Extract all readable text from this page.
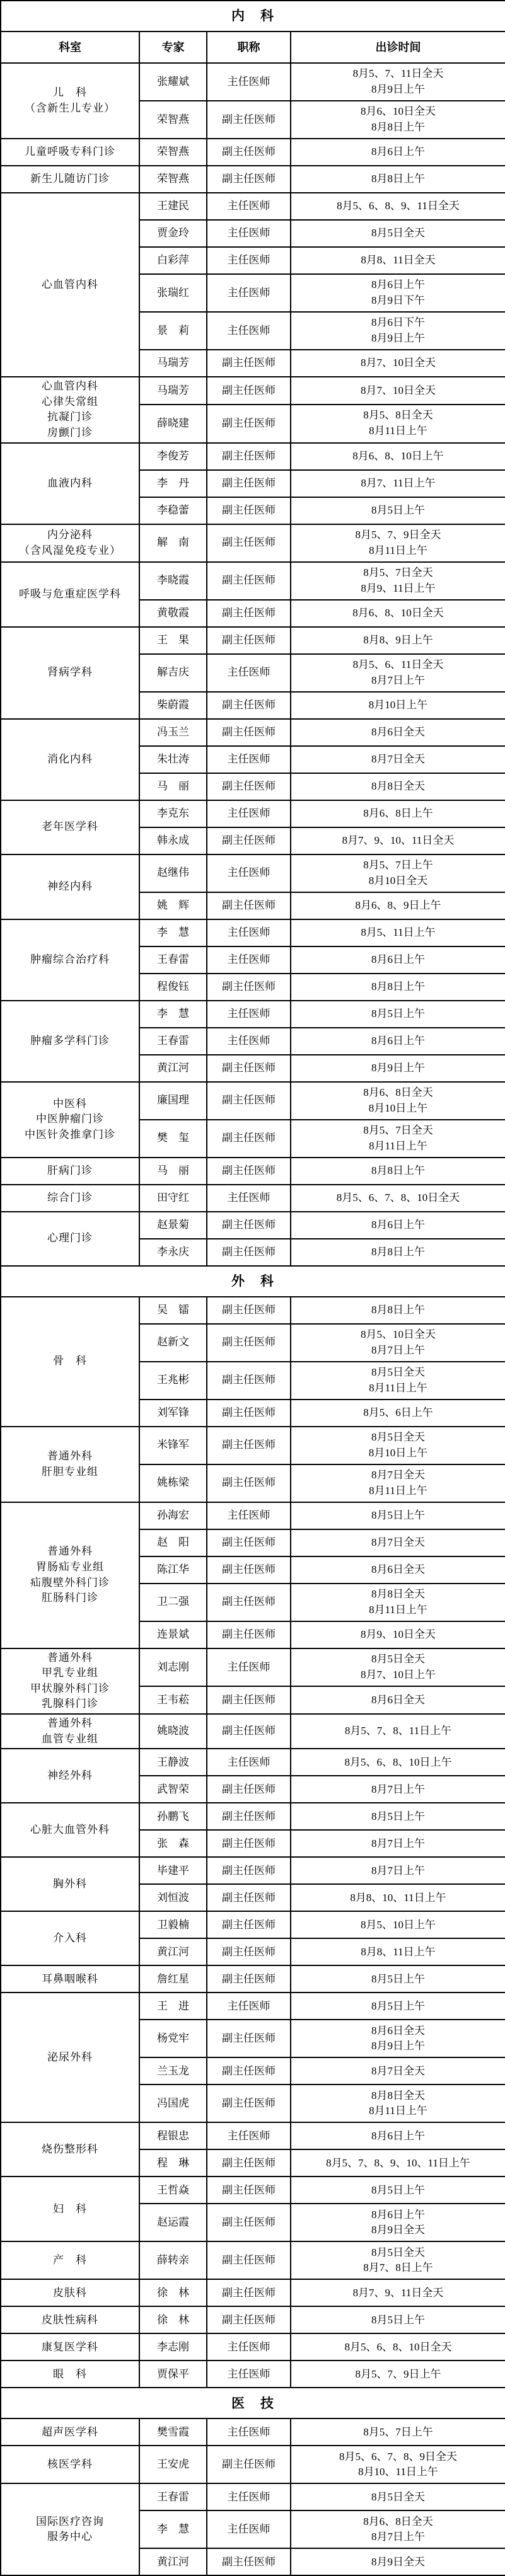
内　科			
科室	专家	职称	出诊时间
儿　科
（含新生儿专业）	张耀斌	主任医师	8月5、7、11日全天
8月9日上午
	荣智燕	副主任医师	8月6、10日全天
8月8日上午
儿童呼吸专科门诊	荣智燕	副主任医师	8月6日上午
新生儿随访门诊	荣智燕	副主任医师	8月8日上午
心血管内科	王建民	主任医师	8月5、6、8、9、11日全天
	贾金玲	主任医师	8月5日全天
	白彩萍	主任医师	8月8、11日全天
	张瑞红	主任医师	8月6日上午
8月9日下午
	景　莉	主任医师	8月6日下午
8月9日上午
	马瑞芳	副主任医师	8月7、10日全天
心血管内科
心律失常组
抗凝门诊
房颤门诊	马瑞芳	副主任医师	8月7、10日全天
	薛晓建	副主任医师	8月5、8日全天
8月11日上午
血液内科	李俊芳	副主任医师	8月6、8、10日上午
	李　丹	副主任医师	8月7、11日上午
	李稳蕾	副主任医师	8月5日上午
内分泌科
（含风湿免疫专业）	解　南	副主任医师	8月5、7、9日全天
8月11日上午
呼吸与危重症医学科	李晓霞	副主任医师	8月5、7日全天
8月9、11日上午
	黄敬霞	副主任医师	8月6、8、10日全天
肾病学科	王　果	副主任医师	8月8、9日上午
	解吉庆	主任医师	8月5、6、11日全天
8月7日上午
	柴蔚霞	副主任医师	8月10日上午
消化内科	冯玉兰	副主任医师	8月6日全天
	朱壮涛	主任医师	8月7日全天
	马　丽	副主任医师	8月8日全天
老年医学科	李克东	主任医师	8月6、8日上午
	韩永成	副主任医师	8月7、9、10、11日全天
神经内科	赵继伟	主任医师	8月5、7日上午
8月10日全天
	姚　辉	副主任医师	8月6、8、9日上午
肿瘤综合治疗科	李　慧	主任医师	8月5、11日上午
	王春雷	主任医师	8月6日上午
	程俊钰	副主任医师	8月8日上午
肿瘤多学科门诊	李　慧	主任医师	8月5日上午
	王春雷	主任医师	8月6日上午
	黄江河	副主任医师	8月9日上午
中医科
中医肿瘤门诊
中医针灸推拿门诊	廉国理	副主任医师	8月6、8日全天
8月10日上午
	樊　玺	副主任医师	8月5、7日全天
8月11日上午
肝病门诊	马　丽	副主任医师	8月8日上午
综合门诊	田守红	主任医师	8月5、6、7、8、10日全天
心理门诊	赵景菊	副主任医师	8月6日上午
	李永庆	副主任医师	8月8日上午
外　科			
骨　科	吴　镭	副主任医师	8月8日上午
	赵新文	副主任医师	8月5、10日全天
8月7日上午
	王兆彬	副主任医师	8月5日全天
8月11日上午
	刘军锋	副主任医师	8月5、6日上午
普通外科
肝胆专业组	米锋军	副主任医师	8月5日全天
8月10日上午
	姚栋梁	副主任医师	8月7日全天
8月11日上午
普通外科
胃肠疝专业组
疝腹壁外科门诊
肛肠科门诊	孙海宏	主任医师	8月5日上午
	赵　阳	副主任医师	8月7日全天
	陈江华	副主任医师	8月6日全天
	卫二强	副主任医师	8月8日全天
8月11日上午
	连景斌	副主任医师	8月9、10日全天
普通外科
甲乳专业组
甲状腺外科门诊
乳腺科门诊	刘志刚	主任医师	8月5日全天
8月7、10日上午
	王韦菘	副主任医师	8月6日全天
普通外科
血管专业组	姚晓波	副主任医师	8月5、7、8、11日上午
神经外科	王静波	主任医师	8月5、6、8、10日上午
	武智荣	副主任医师	8月7日上午
心脏大血管外科	孙鹏飞	副主任医师	8月5日上午
	张　森	副主任医师	8月7日上午
胸外科	毕建平	副主任医师	8月7日上午
	刘恒波	副主任医师	8月8、10、11日上午
介入科	卫毅楠	副主任医师	8月5、10日上午
	黄江河	副主任医师	8月8、11日上午
耳鼻咽喉科	詹红星	副主任医师	8月5日上午
泌尿外科	王　进	主任医师	8月5日上午
	杨党牢	副主任医师	8月6日全天
8月9日上午
	兰玉龙	副主任医师	8月7日全天
	冯国虎	副主任医师	8月8日全天
8月11日上午
烧伤整形科	程银忠	主任医师	8月6日上午
	程　琳	副主任医师	8月5、7、8、9、10、11日上午
妇　科	王哲焱	副主任医师	8月5日上午
	赵运霞	副主任医师	8月6日上午
8月9日全天
产　科	薛转亲	副主任医师	8月5日全天
8月7、8日上午
皮肤科	徐　林	副主任医师	8月7、9、11日全天
皮肤性病科	徐　林	副主任医师	8月5日上午
康复医学科	李志刚	主任医师	8月5、6、8、10日全天
眼　科	贾保平	主任医师	8月5、7、9日上午
医　技			
超声医学科	樊雪霞	主任医师	8月5、7日上午
核医学科	王安虎	副主任医师	8月5、6、7、8、9日全天
8月10、11日上午
国际医疗咨询
服务中心	王春雷	主任医师	8月5日全天
	李　慧	主任医师	8月6、8日全天
8月7日上午
	黄江河	副主任医师	8月9日全天
